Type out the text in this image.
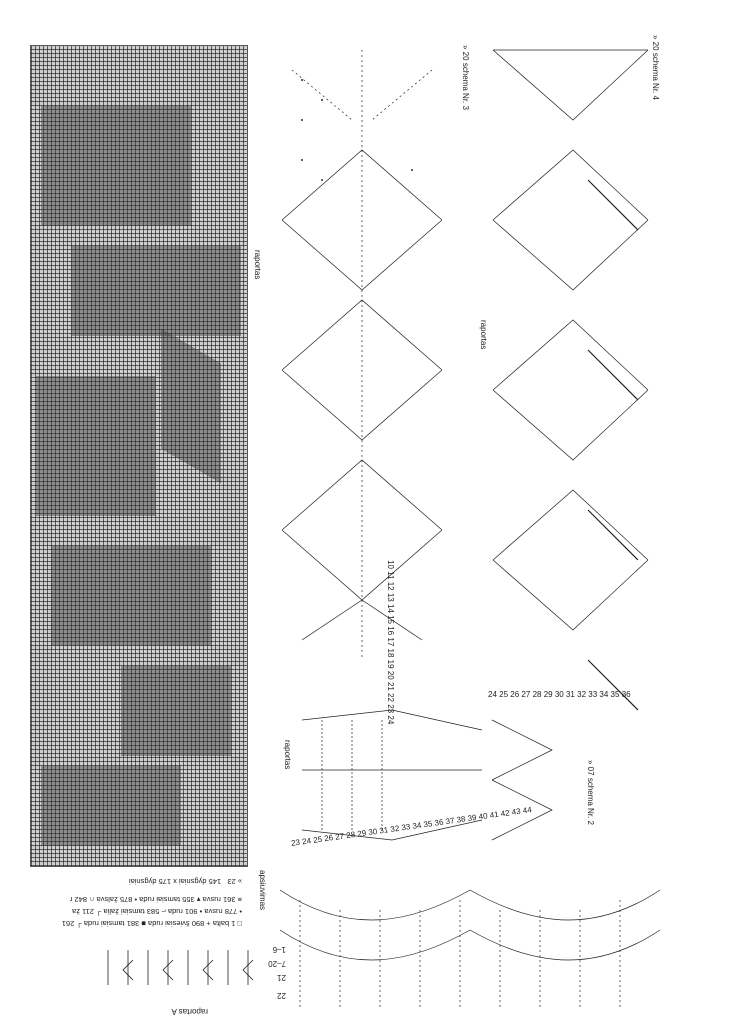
□ 1 balta + 890 šviesiai ruda ■ 381 tamsiai ruda ┘ 261
• 778 rusva ▪ 901 ruda ⌐ 583 tamsiai žalia ┘ 211 ža
≡ 361 rusva ▾ 355 tamsiai ruda • 875 žalsva ∩ 842 r
» 23   145 dygsniai x 175 dygsniai
» 20 schema Nr. 3
raportas
10 11 12 13 14 15 16 17 18 19 20 21 22 23 24
» 20 schema Nr. 4
raportas
24 25 26 27 28 29 30 31 32 33 34 35 36
» 07 schema Nr. 2
raportas
23 24 25 26 27 28 29 30 31 32 33 34 35 36 37 38 39 40 41 42 43 44
apsiuvimas
raportas A
22
21
7–20
1–6
